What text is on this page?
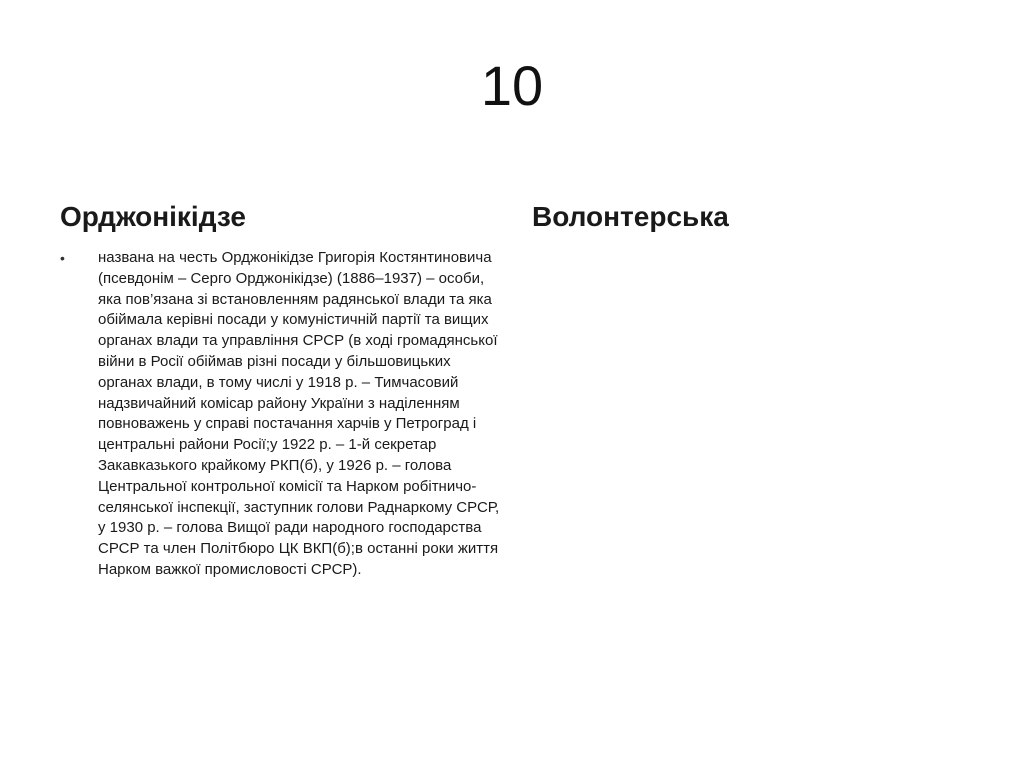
10
Орджонікідзе	Волонтерська
• названа на честь Орджонікідзе Григорія Костянтиновича (псевдонім – Серго Орджонікідзе) (1886–1937) – особи, яка пов’язана зі встановленням радянської влади та яка обіймала керівні посади у комуністичній партії та вищих органах влади та управління СРСР (в ході громадянської війни в Росії обіймав різні посади у більшовицьких органах влади, в тому числі у 1918 р. – Тимчасовий надзвичайний комісар району України з наділенням повноважень у справі постачання харчів у Петроград і центральні райони Росії;у 1922 р. – 1-й секретар Закавказького крайкому РКП(б), у 1926 р. – голова Центральної контрольної комісії та Нарком робітничо-селянської інспекції, заступник голови Раднаркому СРСР, у 1930 р. – голова Вищої ради народного господарства СРСР та член Політбюро ЦК ВКП(б);в останні роки життя Нарком важкої промисловості СРСР).
